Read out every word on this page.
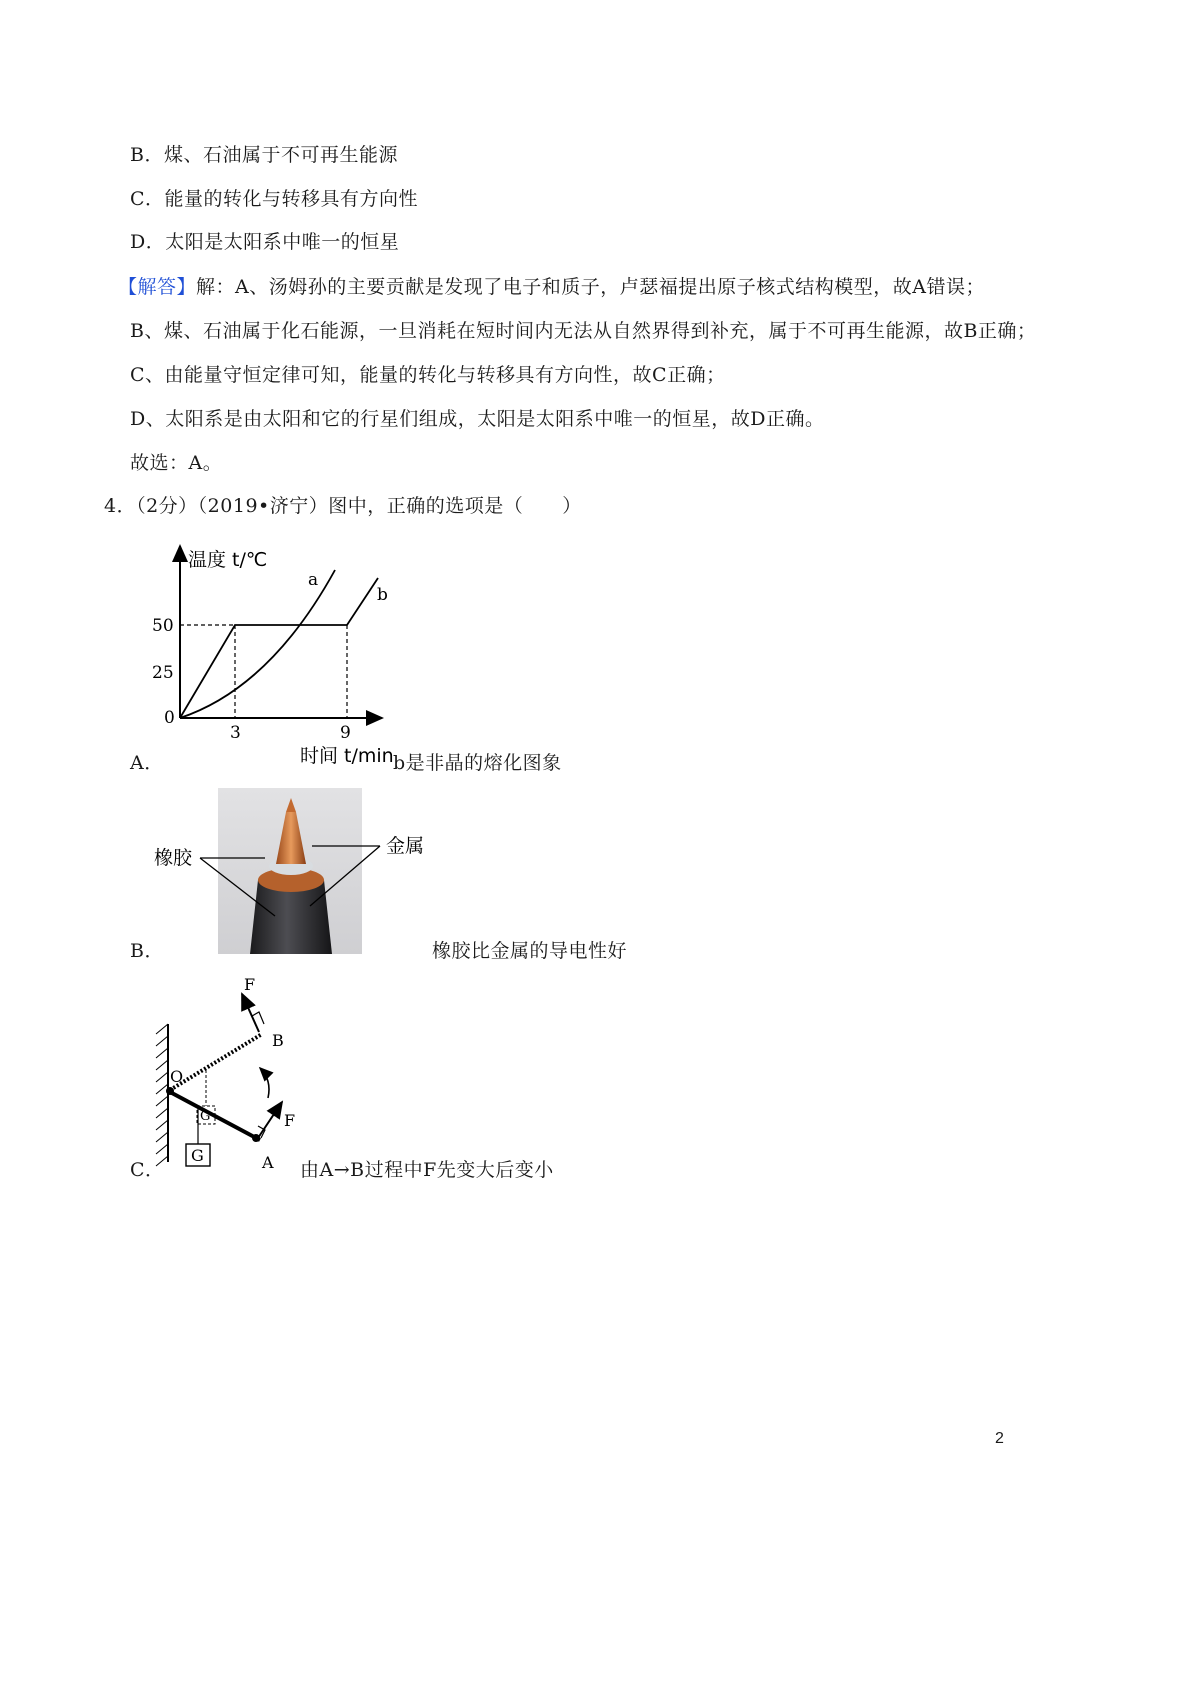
B．煤、石油属于不可再生能源
C．能量的转化与转移具有方向性
D．太阳是太阳系中唯一的恒星
【解答】解：A、汤姆孙的主要贡献是发现了电子和质子，卢瑟福提出原子核式结构模型，故A错误；
B、煤、石油属于化石能源，一旦消耗在短时间内无法从自然界得到补充，属于不可再生能源，故B正确；
C、由能量守恒定律可知，能量的转化与转移具有方向性，故C正确；
D、太阳系是由太阳和它的行星们组成，太阳是太阳系中唯一的恒星，故D正确。
故选：A。
4．（2分）（2019•济宁）图中，正确的选项是（　　）
温度 t/℃
时间 t/min
50
25
0
3	9
a
b
A．	b是非晶的熔化图象
橡胶
金属
B．	橡胶比金属的导电性好
O
B
A
F
F
G
G
C．	由A→B过程中F先变大后变小
2
